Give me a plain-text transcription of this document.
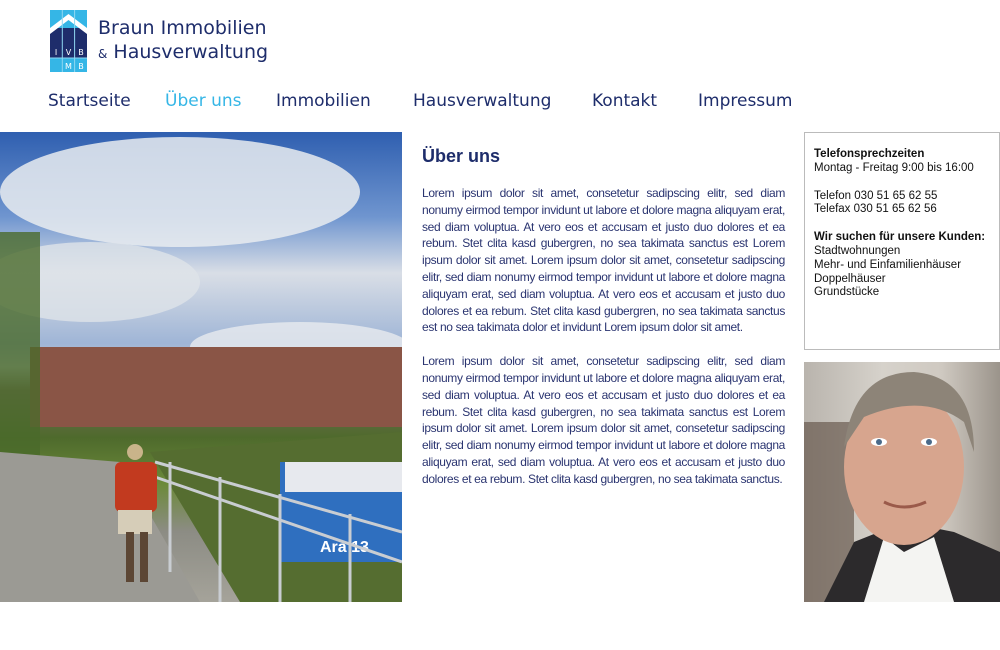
I V B
M B
Braun Immobilien
& Hausverwaltung
Startseite Über uns Immobilien Hausverwaltung Kontakt Impressum
Ara 13
Über uns

Lorem ipsum dolor sit amet, consetetur sadipscing elitr, sed diam nonumy eirmod tempor invidunt ut labore et dolore magna aliquyam erat, sed diam voluptua. At vero eos et accusam et justo duo dolores et ea rebum. Stet clita kasd gubergren, no sea takimata sanctus est Lorem ipsum dolor sit amet. Lorem ipsum dolor sit amet, consetetur sadipscing elitr, sed diam nonumy eirmod tempor invidunt ut labore et dolore magna aliquyam erat, sed diam voluptua. At vero eos et accusam et justo duo dolores et ea rebum. Stet clita kasd gubergren, no sea takimata sanctus est no sea takimata dolor et invidunt Lorem ipsum dolor sit amet.

Lorem ipsum dolor sit amet, consetetur sadipscing elitr, sed diam nonumy eirmod tempor invidunt ut labore et dolore magna aliquyam erat, sed diam voluptua. At vero eos et accusam et justo duo dolores et ea rebum. Stet clita kasd gubergren, no sea takimata sanctus est Lorem ipsum dolor sit amet. Lorem ipsum dolor sit amet, consetetur sadipscing elitr, sed diam nonumy eirmod tempor invidunt ut labore et dolore magna aliquyam erat, sed diam voluptua. At vero eos et accusam et justo duo dolores et ea rebum. Stet clita kasd gubergren, no sea takimata sanctus.

Telefonsprechzeiten
Montag - Freitag 9:00 bis 16:00
Telefon 030 51 65 62 55
Telefax 030 51 65 62 56
Wir suchen für unsere Kunden:
Stadtwohnungen
Mehr- und Einfamilienhäuser
Doppelhäuser
Grundstücke
